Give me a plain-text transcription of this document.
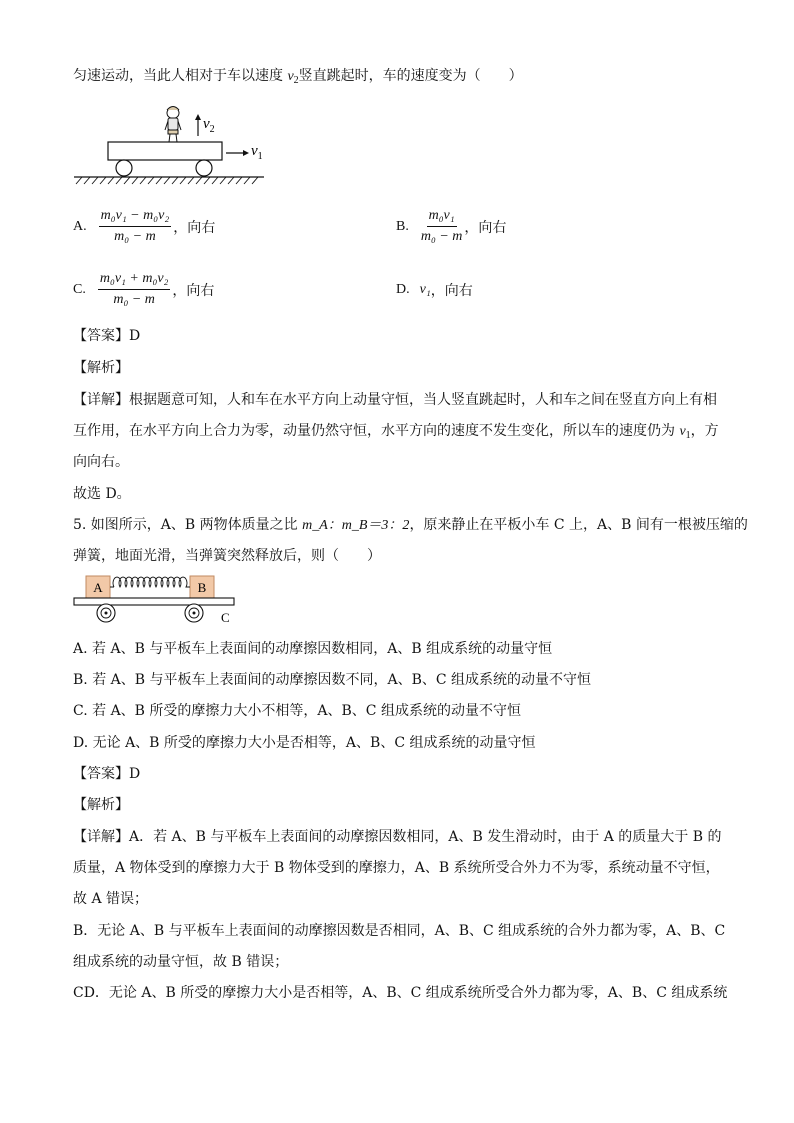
匀速运动，当此人相对于车以速度 $v_2$竖直跳起时，车的速度变为（　　）
$v_2$
$v_1$
A. $\frac{\text{m₀v₁ − m₀v₂}}{\text{m₀ − m}}$ ，向右	B. $\frac{\text{m₀v₁}}{\text{m₀ − m}}$ ，向右
C. $\frac{\text{m₀v₁ + m₀v₂}}{\text{m₀ − m}}$ ，向右	D. v₁ ，向右
【答案】D
【解析】
【详解】根据题意可知，人和车在水平方向上动量守恒，当人竖直跳起时，人和车之间在竖直方向上有相
互作用，在水平方向上合力为零，动量仍然守恒，水平方向的速度不发生变化，所以车的速度仍为 $v_1$，方
向向右。
故选 D。
5. 如图所示，A、B 两物体质量之比 m_A：m_B＝3：2，原来静止在平板小车 C 上，A、B 间有一根被压缩的
弹簧，地面光滑，当弹簧突然释放后，则（　　）
A	B
C
A. 若 A、B 与平板车上表面间的动摩擦因数相同，A、B 组成系统的动量守恒
B. 若 A、B 与平板车上表面间的动摩擦因数不同，A、B、C 组成系统的动量不守恒
C. 若 A、B 所受的摩擦力大小不相等，A、B、C 组成系统的动量不守恒
D. 无论 A、B 所受的摩擦力大小是否相等，A、B、C 组成系统的动量守恒
【答案】D
【解析】
【详解】A．若 A、B 与平板车上表面间的动摩擦因数相同，A、B 发生滑动时，由于 A 的质量大于 B 的
质量，A 物体受到的摩擦力大于 B 物体受到的摩擦力，A、B 系统所受合外力不为零，系统动量不守恒，
故 A 错误；
B．无论 A、B 与平板车上表面间的动摩擦因数是否相同，A、B、C 组成系统的合外力都为零，A、B、C
组成系统的动量守恒，故 B 错误；
CD．无论 A、B 所受的摩擦力大小是否相等，A、B、C 组成系统所受合外力都为零，A、B、C 组成系统
